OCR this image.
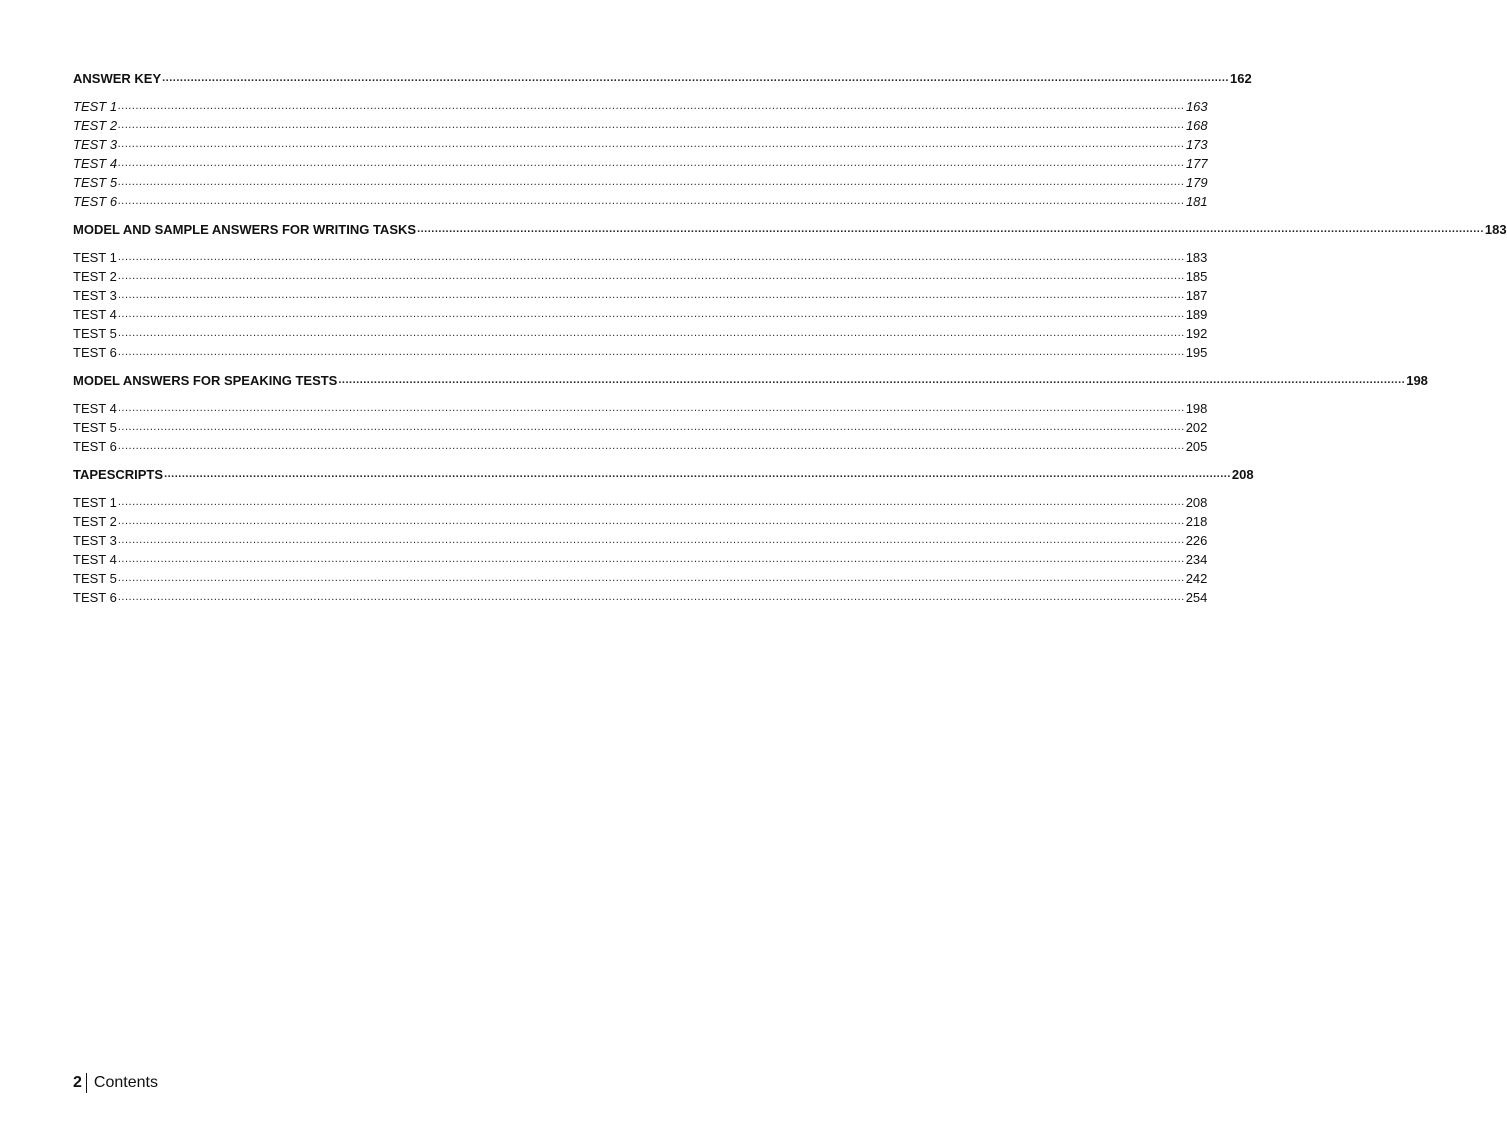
ANSWER KEY ............................................................................................................................................................................................................................................................................................................ 162
TEST 1 ............................................................................................................................................................................................................................................................................................................ 163
TEST 2 ............................................................................................................................................................................................................................................................................................................ 168
TEST 3 ............................................................................................................................................................................................................................................................................................................ 173
TEST 4 ............................................................................................................................................................................................................................................................................................................ 177
TEST 5 ............................................................................................................................................................................................................................................................................................................ 179
TEST 6 ............................................................................................................................................................................................................................................................................................................ 181
MODEL AND SAMPLE ANSWERS FOR WRITING TASKS ............................................................................................................................................................................................................................................................................................................ 183
TEST 1 ............................................................................................................................................................................................................................................................................................................ 183
TEST 2 ............................................................................................................................................................................................................................................................................................................ 185
TEST 3 ............................................................................................................................................................................................................................................................................................................ 187
TEST 4 ............................................................................................................................................................................................................................................................................................................ 189
TEST 5 ............................................................................................................................................................................................................................................................................................................ 192
TEST 6 ............................................................................................................................................................................................................................................................................................................ 195
MODEL ANSWERS FOR SPEAKING TESTS ............................................................................................................................................................................................................................................................................................................ 198
TEST 4 ............................................................................................................................................................................................................................................................................................................ 198
TEST 5 ............................................................................................................................................................................................................................................................................................................ 202
TEST 6 ............................................................................................................................................................................................................................................................................................................ 205
TAPESCRIPTS ............................................................................................................................................................................................................................................................................................................ 208
TEST 1 ............................................................................................................................................................................................................................................................................................................ 208
TEST 2 ............................................................................................................................................................................................................................................................................................................ 218
TEST 3 ............................................................................................................................................................................................................................................................................................................ 226
TEST 4 ............................................................................................................................................................................................................................................................................................................ 234
TEST 5 ............................................................................................................................................................................................................................................................................................................ 242
TEST 6 ............................................................................................................................................................................................................................................................................................................ 254
2 Contents
